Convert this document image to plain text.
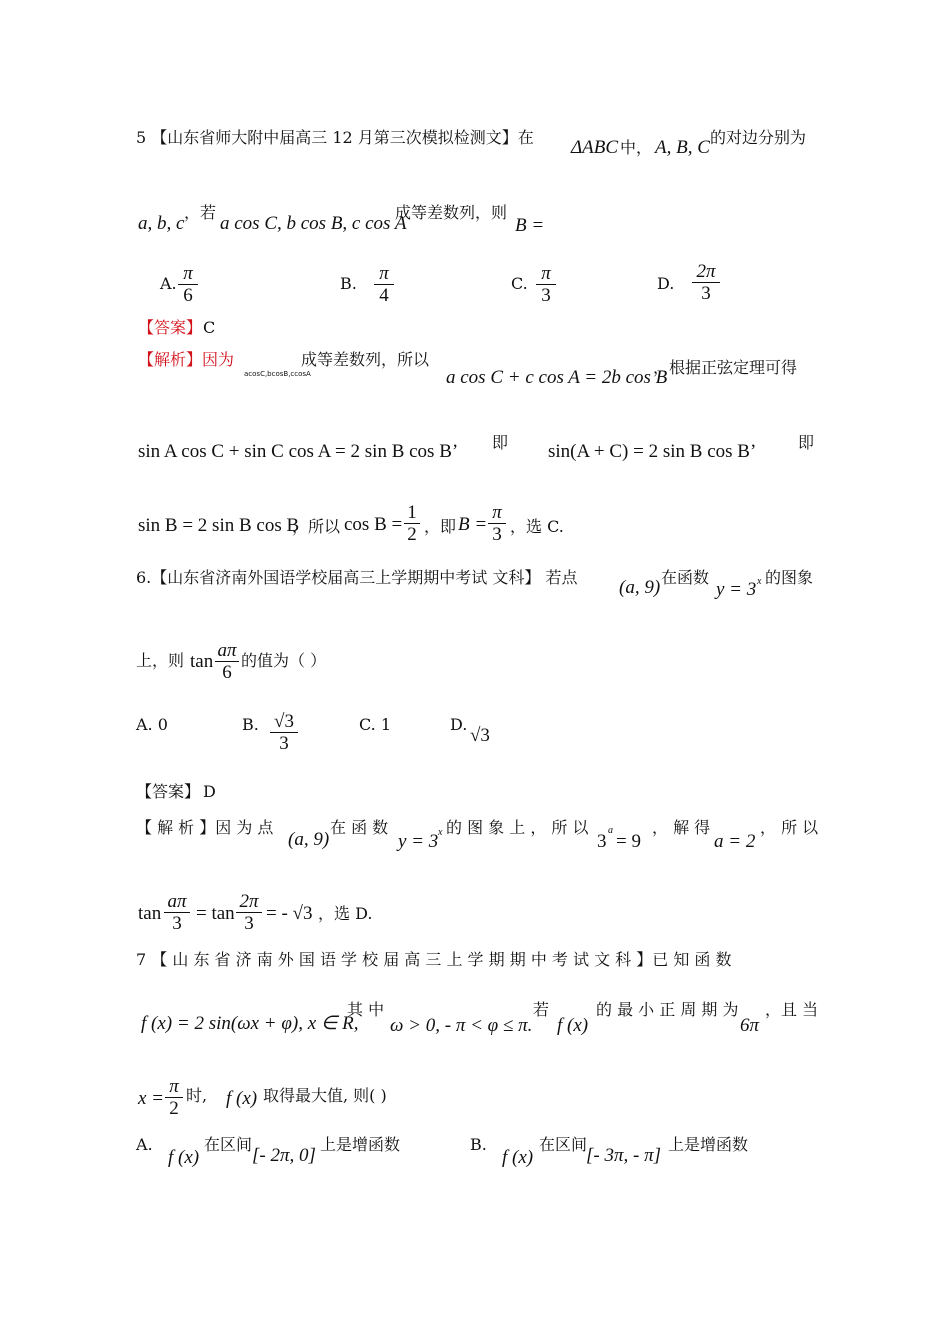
5 【山东省师大附中届高三 12 月第三次模拟检测文】在 ΔABC 中， A, B, C 的对边分别为
a, b, c
，若
a cos C, b cos B, c cos A
成等差数列，则
B =
A. $\frac{\pi}{6}$	B. $\frac{\pi}{4}$	C. $\frac{\pi}{3}$	D. $\frac{2\pi}{3}$
【答案】 C
【解析】因为
acosC,bcosB,ccosA
成等差数列，所以
a cos C + c cos A = 2b cos B
，根据正弦定理可得
sin A cos C + sin C cos A = 2 sin B cos B’ 即 sin(A + C) = 2 sin B cos B’	即
sin B = 2 sin B cos B
，所以 $\cos B = \frac{1}{2}$ ，即 $B = \frac{\pi}{3}$ ，选 C.
6.【山东省济南外国语学校届高三上学期期中考试 文科】 若点 (a, 9) 在函数
y = 3 x 的图象
上，则 $\tan \frac{a\pi}{6}$ 的值为（ ）
A. 0	B. $\frac{√3}{3}$	C. 1	D.
√3
【答案】 D
【 解 析 】因 为 点
(a, 9)
在 函 数
y = 3 x 的 图 象 上 ， 所 以
3
a
= 9
， 解 得
a = 2
， 所 以
$\tan \frac{a\pi}{3} = \tan \frac{2\pi}{3}$ = - √3 ，选 D.
7 【 山 东 省 济 南 外 国 语 学 校 届 高 三 上 学 期 期 中 考 试 文 科 】已 知 函 数
f (x) = 2 sin(ωx + φ), x ∈ R,
其 中
ω > 0, - π < φ ≤ π.
若
f (x)
的 最 小 正 周 期 为
6π
，且 当
$x = \frac{\pi}{2}$ 时, f (x) 取得最大值, 则( )
A.
f (x)
在区间
[- 2π, 0]
上是增函数	B.
f (x)
在区间
[- 3π, - π]
上是增函数
